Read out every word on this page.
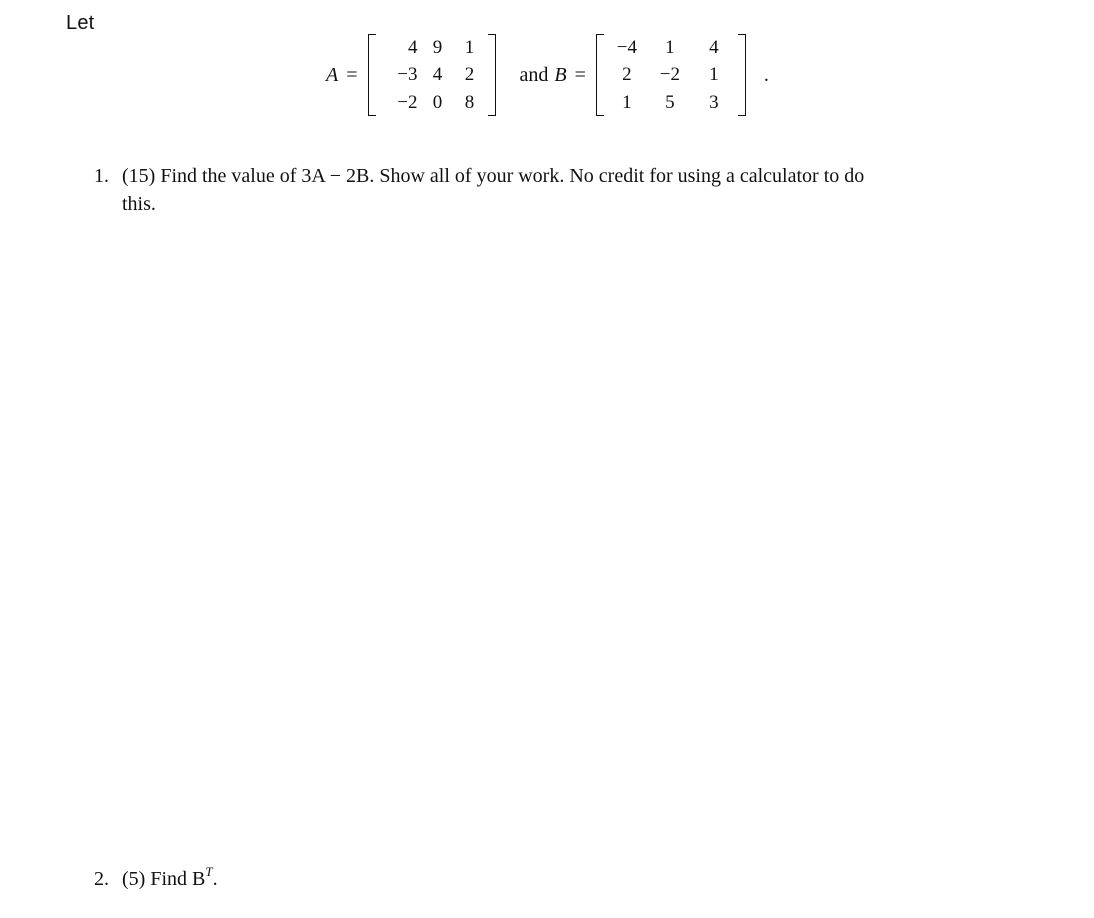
Let
A =
4	9	1
−3	4	2
−2	0	8
and B =
−4	1	4
2	−2	1
1	5	3
.
1. (15) Find the value of 3A − 2B. Show all of your work. No credit for using a calculator to do
this.
2. (5) Find $B^T$.
